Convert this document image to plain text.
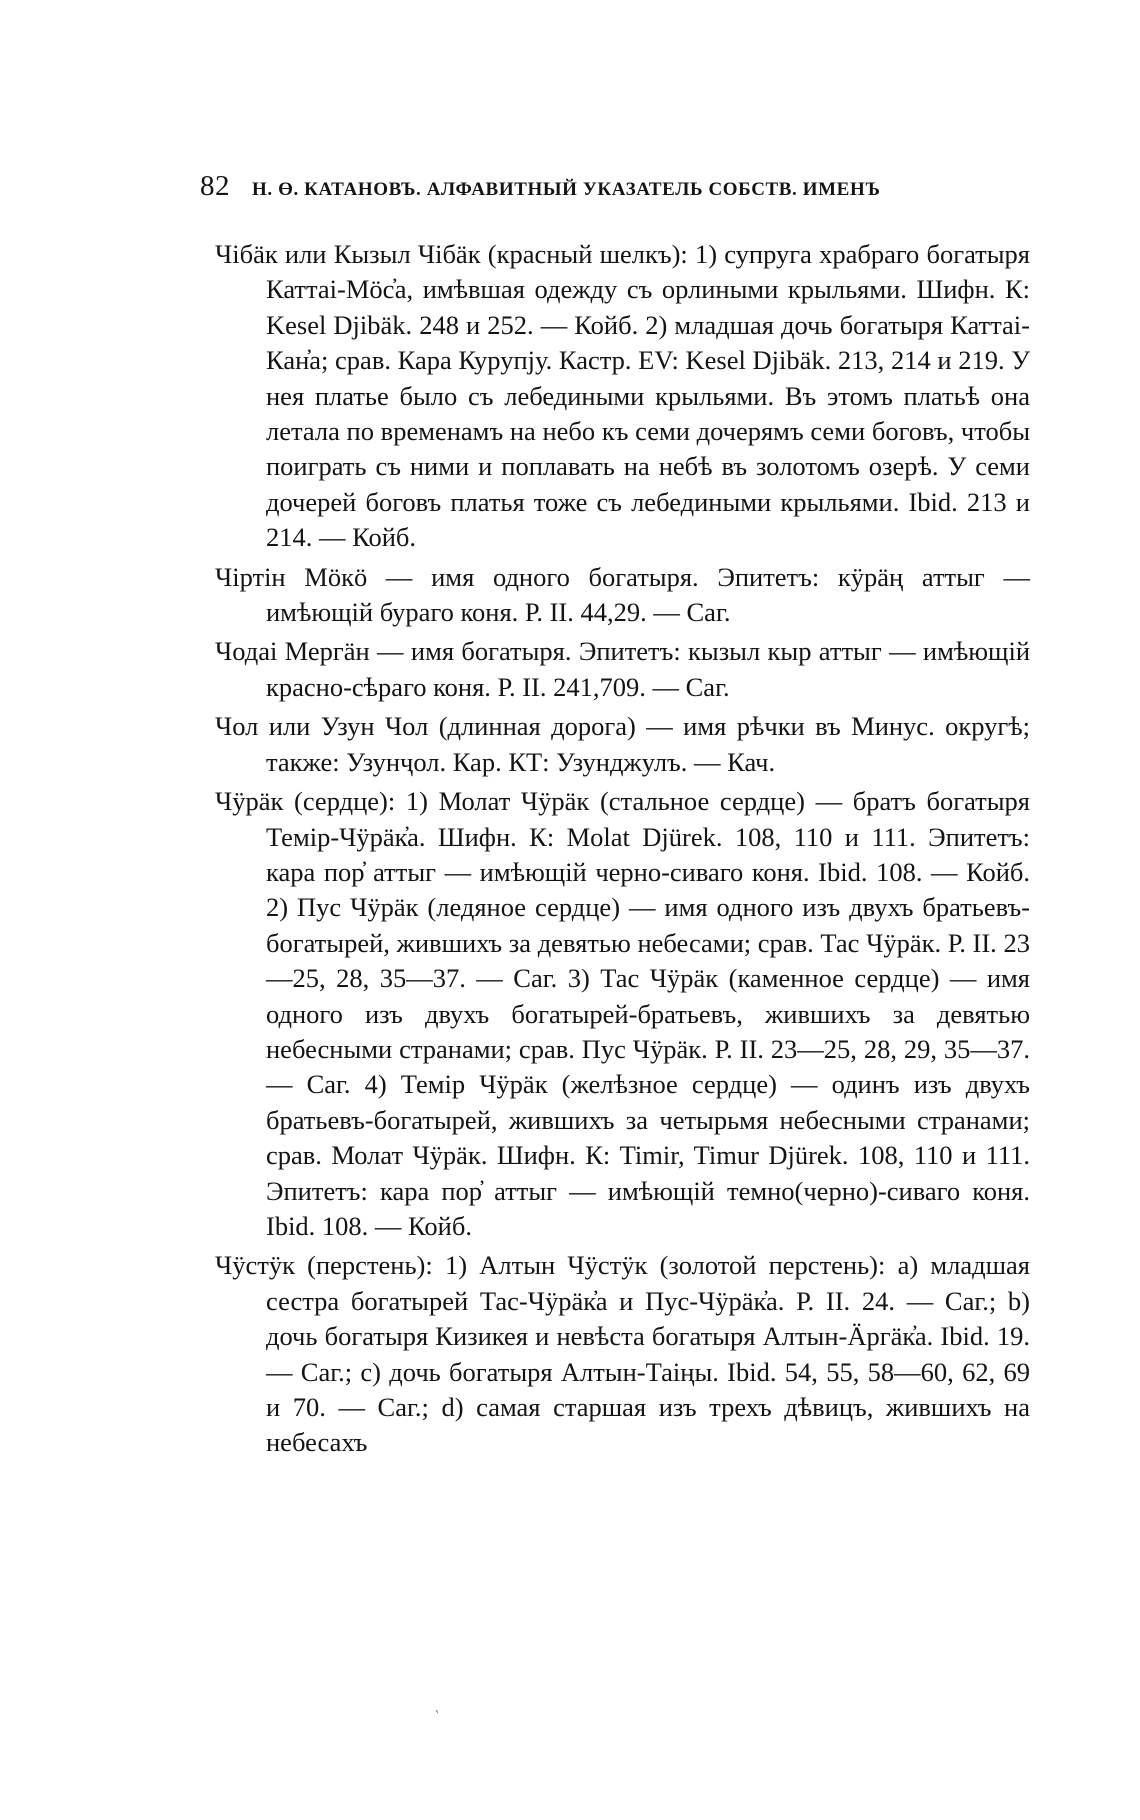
82 Н. Ө. КАТАНОВЪ. АЛФАВИТНЫЙ УКАЗАТЕЛЬ СОБСТВ. ИМЕНЪ

Чібäк или Кызыл Чібäк (красный шелкъ): 1) супруга храбраго богатыря Каттаі-Мӧс̓а, имѣвшая одежду съ орлиными крыльями. Шифн. К: Kesel Djibäk. 248 и 252. — Койб. 2) младшая дочь богатыря Каттаі-Кан̓а; срав. Кара Курупју. Кастр. EV: Kesel Djibäk. 213, 214 и 219. У нея платье было съ лебедиными крыльями. Въ этомъ платьѣ она летала по временамъ на небо къ семи дочерямъ семи боговъ, чтобы поиграть съ ними и поплавать на небѣ въ золотомъ озерѣ. У семи дочерей боговъ платья тоже съ лебедиными крыльями. Ibid. 213 и 214. — Койб.

Чіртін Мӧкӧ — имя одного богатыря. Эпитетъ: кӱрäң аттыг — имѣющій бураго коня. Р. II. 44,29. — Саг.

Чодаі Мергäн — имя богатыря. Эпитетъ: кызыл кыр аттыг — имѣющій красно-сѣраго коня. Р. II. 241,709. — Саг.

Чол или Узун Чол (длинная дорога) — имя рѣчки въ Минус. округѣ; также: Узунҷол. Кар. КТ: Узунджулъ. — Кач.

Чӱрäк (сердце): 1) Молат Чӱрäк (стальное сердце) — братъ богатыря Темір-Чӱрäк̓а. Шифн. К: Molat Djürek. 108, 110 и 111. Эпитетъ: кара пор̓ аттыг — имѣющій черно-сиваго коня. Ibid. 108. — Койб. 2) Пус Чӱрäк (ледяное сердце) — имя одного изъ двухъ братьевъ-богатырей, жившихъ за девятью небесами; срав. Тас Чӱрäк. Р. II. 23—25, 28, 35—37. — Саг. 3) Тас Чӱрäк (каменное сердце) — имя одного изъ двухъ богатырей-братьевъ, жившихъ за девятью небесными странами; срав. Пус Чӱрäк. Р. II. 23—25, 28, 29, 35—37. — Саг. 4) Темір Чӱрäк (желѣзное сердце) — одинъ изъ двухъ братьевъ-богатырей, жившихъ за четырьмя небесными странами; срав. Молат Чӱрäк. Шифн. К: Timir, Timur Djürek. 108, 110 и 111. Эпитетъ: кара пор̓ аттыг — имѣющій темно(черно)-сиваго коня. Ibid. 108. — Койб.

Чӱстӱк (перстень): 1) Алтын Чӱстӱк (золотой перстень): a) младшая сестра богатырей Тас-Чӱрäк̓а и Пус-Чӱрäк̓а. Р. II. 24. — Саг.; b) дочь богатыря Кизикея и невѣста богатыря Алтын-Äргäк̓а. Ibid. 19. — Саг.; c) дочь богатыря Алтын-Таіңы. Ibid. 54, 55, 58—60, 62, 69 и 70. — Саг.; d) самая старшая изъ трехъ дѣвицъ, жившихъ на небесахъ

ˎ
